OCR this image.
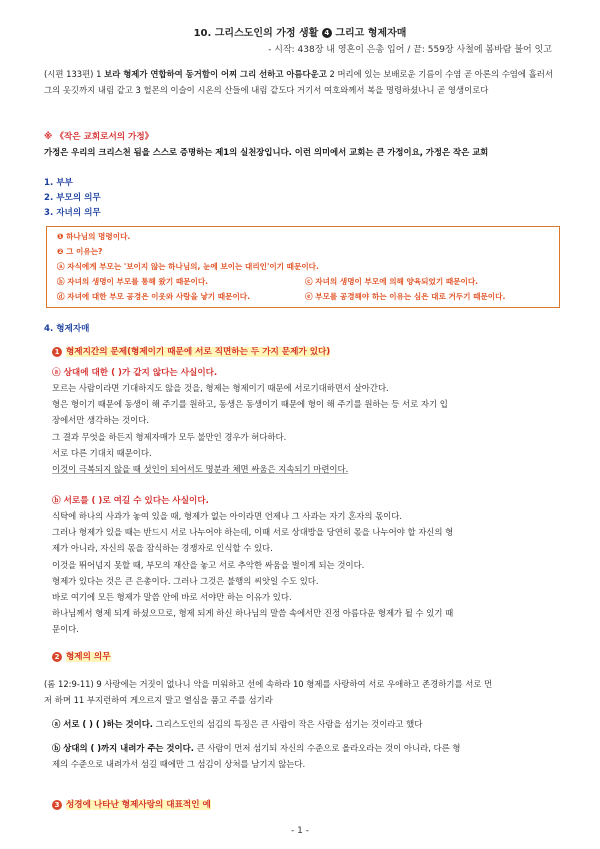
10. 그리스도인의 가정 생활 4 그리고 형제자매
- 시작: 438장 내 영혼이 은총 입어 / 끝: 559장 사철에 봄바람 불어 잇고
(시편 133편) 1 보라 형제가 연합하여 동거함이 어찌 그리 선하고 아름다운고 2 머리에 있는 보배로운 기름이 수염 곧 아론의 수염에 흘러서 그의 옷깃까지 내림 같고 3 헐몬의 이슬이 시온의 산들에 내림 같도다 거기서 여호와께서 복을 명령하셨나니 곧 영생이로다
※ 《작은 교회로서의 가정》
가정은 우리의 크리스천 됨을 스스로 증명하는 제1의 실천장입니다. 이런 의미에서 교회는 큰 가정이요, 가정은 작은 교회
1. 부부
2. 부모의 의무
3. 자녀의 의무
❶ 하나님의 명령이다.
❷ 그 이유는?
ⓐ 자식에게 부모는 '보이지 않는 하나님의, 눈에 보이는 대리인'이기 때문이다.
ⓑ 자녀의 생명이 부모를 통해 왔기 때문이다.	ⓒ 자녀의 생명이 부모에 의해 양육되었기 때문이다.
ⓓ 자녀에 대한 부모 공경은 이웃와 사랑을 낳기 때문이다.	ⓔ 부모를 공경해야 하는 이유는 심은 대로 거두기 때문이다.
4. 형제자매
1 형제지간의 문제(형제이기 때문에 서로 직면하는 두 가지 문제가 있다)
ⓐ 상대에 대한 ( )가 같지 않다는 사실이다.
모르는 사람이라면 기대하지도 않을 것을, 형제는 형제이기 때문에 서로기대하면서 살아간다.
형은 형이기 때문에 동생이 해 주기를 원하고, 동생은 동생이기 때문에 형이 해 주기를 원하는 등 서로 자기 입
장에서만 생각하는 것이다.
그 결과 무엇을 하든지 형제자매가 모두 불만인 경우가 허다하다.
서로 다른 기대치 때문이다.
이것이 극복되지 않을 때 섯인이 되어서도 명분과 체면 싸움은 지속되기 마련이다.
ⓑ 서로를 ( )로 여길 수 있다는 사실이다.
식탁에 하나의 사과가 놓여 있을 때, 형제가 없는 아이라면 언제나 그 사과는 자기 혼자의 몫이다.
그러나 형제가 있을 때는 반드시 서로 나누어야 하는데, 이때 서로 상대방을 당연히 몫을 나누어야 할 자신의 형
제가 아니라, 자신의 몫을 잠식하는 경쟁자로 인식할 수 있다.
이것을 뛰어넘지 못할 때, 부모의 재산을 놓고 서로 추악한 싸움을 벌이게 되는 것이다.
형제가 있다는 것은 큰 은총이다. 그러나 그것은 불행의 씨앗일 수도 있다.
바로 여기에 모든 형제가 말씀 안에 바로 서야만 하는 이유가 있다.
하나님께서 형제 되게 하셨으므로, 형제 되게 하신 하나님의 말씀 속에서만 진정 아름다운 형제가 될 수 있기 때
문이다.
2 형제의 의무
(롬 12:9-11) 9 사랑에는 거짓이 없나니 악을 미워하고 선에 속하라 10 형제를 사랑하여 서로 우애하고 존경하기를 서로 먼
저 하며 11 부지런하여 게으르지 말고 열심을 품고 주를 섬기라
ⓐ 서로 ( ) ( )하는 것이다. 그리스도인의 섬김의 특징은 큰 사람이 작은 사람을 섬기는 것이라고 했다
ⓑ 상대의 ( )까지 내려가 주는 것이다. 큰 사람이 먼저 섬기되 자신의 수준으로 올라오라는 것이 아니라, 다른 형
제의 수준으로 내려가서 섬길 때에만 그 섬김이 상처를 남기지 않는다.
3 성경에 나타난 형제사랑의 대표적인 예
- 1 -
